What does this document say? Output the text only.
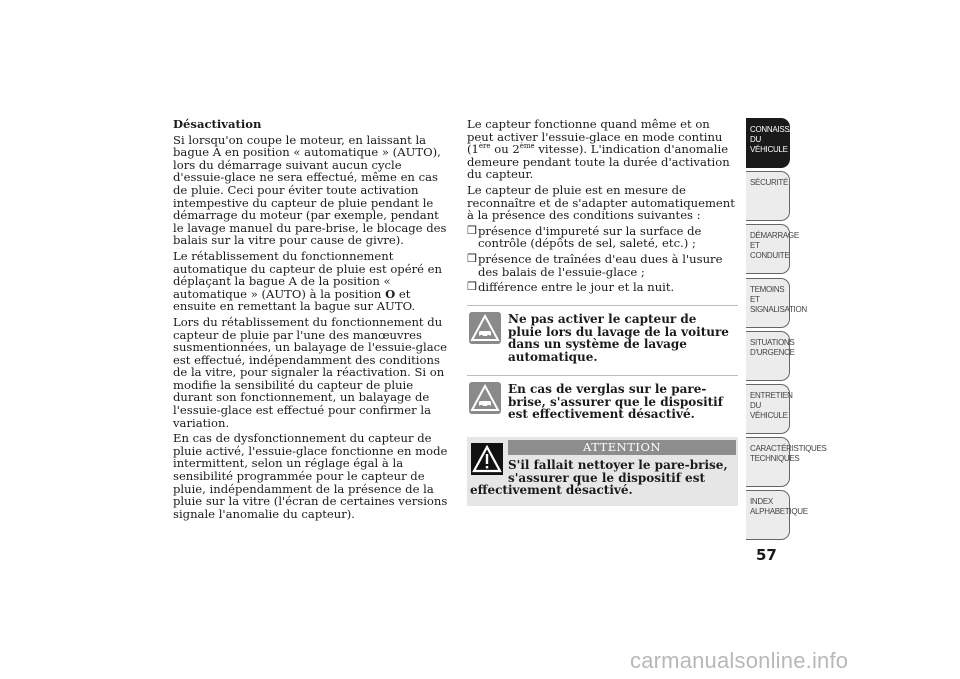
Désactivation

Si lorsqu'on coupe le moteur, en laissant la bague A en position « automatique » (AUTO), lors du démarrage suivant aucun cycle d'essuie-glace ne sera effectué, même en cas de pluie. Ceci pour éviter toute activation intempestive du capteur de pluie pendant le démarrage du moteur (par exemple, pendant le lavage manuel du pare-brise, le blocage des balais sur la vitre pour cause de givre).

Le rétablissement du fonctionnement automatique du capteur de pluie est opéré en déplaçant la bague A de la position « automatique » (AUTO) à la position O et ensuite en remettant la bague sur AUTO.

Lors du rétablissement du fonctionnement du capteur de pluie par l'une des manœuvres susmentionnées, un balayage de l'essuie-glace est effectué, indépendamment des conditions de la vitre, pour signaler la réactivation. Si on modifie la sensibilité du capteur de pluie durant son fonctionnement, un balayage de l'essuie-glace est effectué pour confirmer la variation.

En cas de dysfonctionnement du capteur de pluie activé, l'essuie-glace fonctionne en mode intermittent, selon un réglage égal à la sensibilité programmée pour le capteur de pluie, indépendamment de la présence de la pluie sur la vitre (l'écran de certaines versions signale l'anomalie du capteur).

Le capteur fonctionne quand même et on peut activer l'essuie-glace en mode continu (1ère ou 2ème vitesse). L'indication d'anomalie demeure pendant toute la durée d'activation du capteur.

Le capteur de pluie est en mesure de reconnaître et de s'adapter automatiquement à la présence des conditions suivantes :

❒ présence d'impureté sur la surface de contrôle (dépôts de sel, saleté, etc.) ;
❒ présence de traînées d'eau dues à l'usure des balais de l'essuie-glace ;
❒ différence entre le jour et la nuit.
Ne pas activer le capteur de pluie lors du lavage de la voiture dans un système de lavage automatique.
En cas de verglas sur le pare-brise, s'assurer que le dispositif est effectivement désactivé.
ATTENTION
S'il fallait nettoyer le pare-brise,
s'assurer que le dispositif est
effectivement désactivé.
CONNAISSANCE DU VÉHICULE
SÉCURITÉ
DÉMARRAGE ET CONDUITE
TEMOINS ET SIGNALISATION
SITUATIONS D'URGENCE
ENTRETIEN DU VÉHICULE
CARACTÉRISTIQUES TECHNIQUES
INDEX ALPHABETIQUE
57
carmanualsonline.info
